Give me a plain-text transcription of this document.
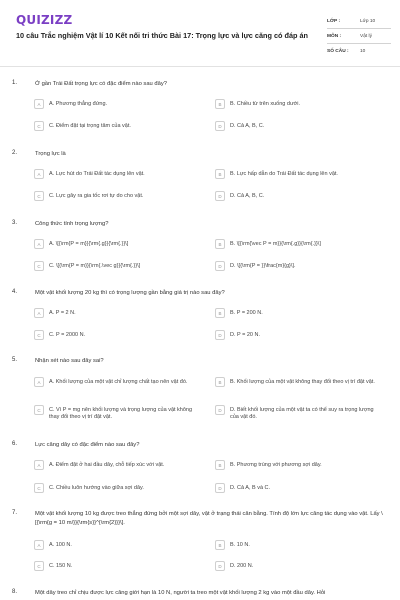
QUIZIZZ
10 câu Trắc nghiệm Vật lí 10 Kết nối tri thức Bài 17: Trọng lực và lực căng có đáp án
LỚP :	Lớp 10
MÔN :	Vật lý
SỐ CÂU :	10
1.	Ở gần Trái Đất trọng lực có đặc điểm nào sau đây?
A	A. Phương thẳng đứng.	B	B. Chiều từ trên xuống dưới.
C	C. Điểm đặt tại trọng tâm của vật.	D	D. Cả A, B, C.
2.	Trọng lực là
A	A. Lực hút do Trái Đất tác dụng lên vật.	B	B. Lực hấp dẫn do Trái Đất tác dụng lên vật.
C	C. Lực gây ra gia tốc rơi tự do cho vật.	D	D. Cả A, B, C.
3.	Công thức tính trọng lượng?
A	A. \[{\rm{P = m}}{\rm{.g}}{\rm{.}}\]	B	B. \[{\rm{\vec P = m}}{\rm{.g}}{\rm{.}}\]
C	C. \[{\rm{P = m}}{\rm{.\vec g}}{\rm{.}}\]	D	D. \[{\rm{P = }}\frac{m}{g}\].
4.	Một vật khối lượng 20 kg thì có trọng lượng gần bằng giá trị nào sau đây?
A	A. P = 2 N.	B	B. P = 200 N.
C	C. P = 2000 N.	D	D. P = 20 N.
5.	Nhận xét nào sau đây sai?
A	A. Khối lượng của một vật chỉ lượng chất tạo nên vật đó.	B	B. Khối lượng của một vật không thay đổi theo vị trí đặt vật.
C	C. Vì P = mg nên khối lượng và trọng lượng của vật không thay đổi theo vị trí đặt vật.
D	D. Biết khối lượng của một vật ta có thể suy ra trọng lượng của vật đó.
6.	Lực căng dây có đặc điểm nào sau đây?
A	A. Điểm đặt ở hai đầu dây, chỗ tiếp xúc với vật.	B	B. Phương trùng với phương sợi dây.
C	C. Chiều luôn hướng vào giữa sợi dây.	D	D. Cả A, B và C.
7.	Một vật khối lượng 10 kg được treo thẳng đứng bởi một sợi dây, vật ở trạng thái cân bằng. Tính độ lớn lực căng tác dụng vào vật. Lấy \[{\rm{g = 10 m/}}{\rm{s}}^{\rm{2}}}\].
A	A. 100 N.	B	B. 10 N.
C	C. 150 N.	D	D. 200 N.
8.	Một dây treo chỉ chịu được lực căng giới hạn là 10 N, người ta treo một vật khối lượng 2 kg vào một đầu dây. Hỏi
